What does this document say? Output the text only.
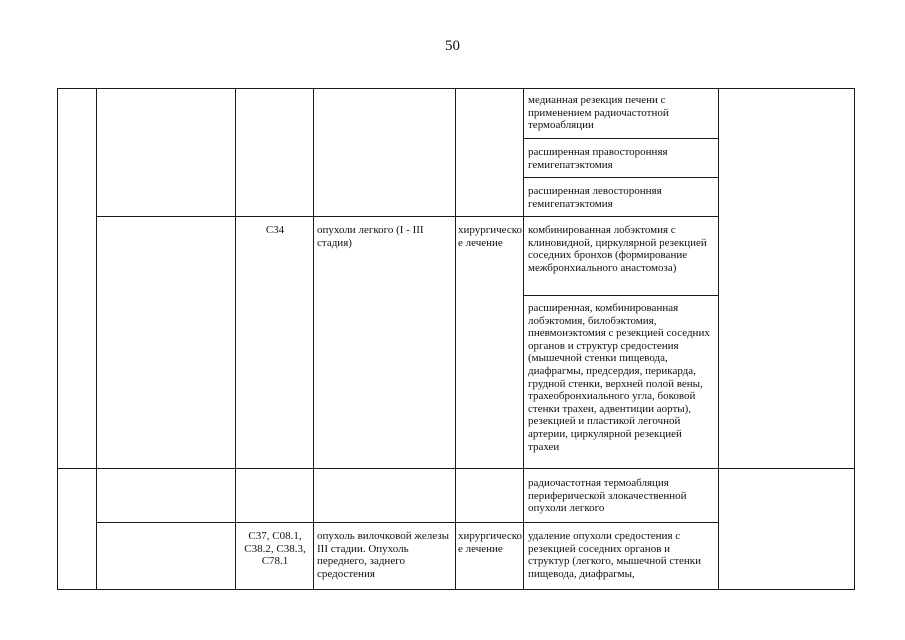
50
медианная резекция печени с применением радиочастотной термоабляции
расширенная правосторонняя гемигепатэктомия
расширенная левосторонняя гемигепатэктомия
С34	опухоли легкого (I - III стадия)
хирургическое лечение
комбинированная лобэктомия с клиновидной, циркулярной резекцией соседних бронхов (формирование межбронхиального анастомоза)
расширенная, комбинированная лобэктомия, билобэктомия, пневмонэктомия с резекцией соседних органов и структур средостения (мышечной стенки пищевода, диафрагмы, предсердия, перикарда, грудной стенки, верхней полой вены, трахеобронхиального угла, боковой стенки трахеи, адвентиции аорты), резекцией и пластикой легочной артерии, циркулярной резекцией трахеи
радиочастотная термоабляция периферической злокачественной опухоли легкого
С37, С08.1, С38.2, С38.3, С78.1
опухоль вилочковой железы III стадии. Опухоль переднего, заднего средостения
хирургическое лечение
удаление опухоли средостения с резекцией соседних органов и структур (легкого, мышечной стенки пищевода, диафрагмы,
